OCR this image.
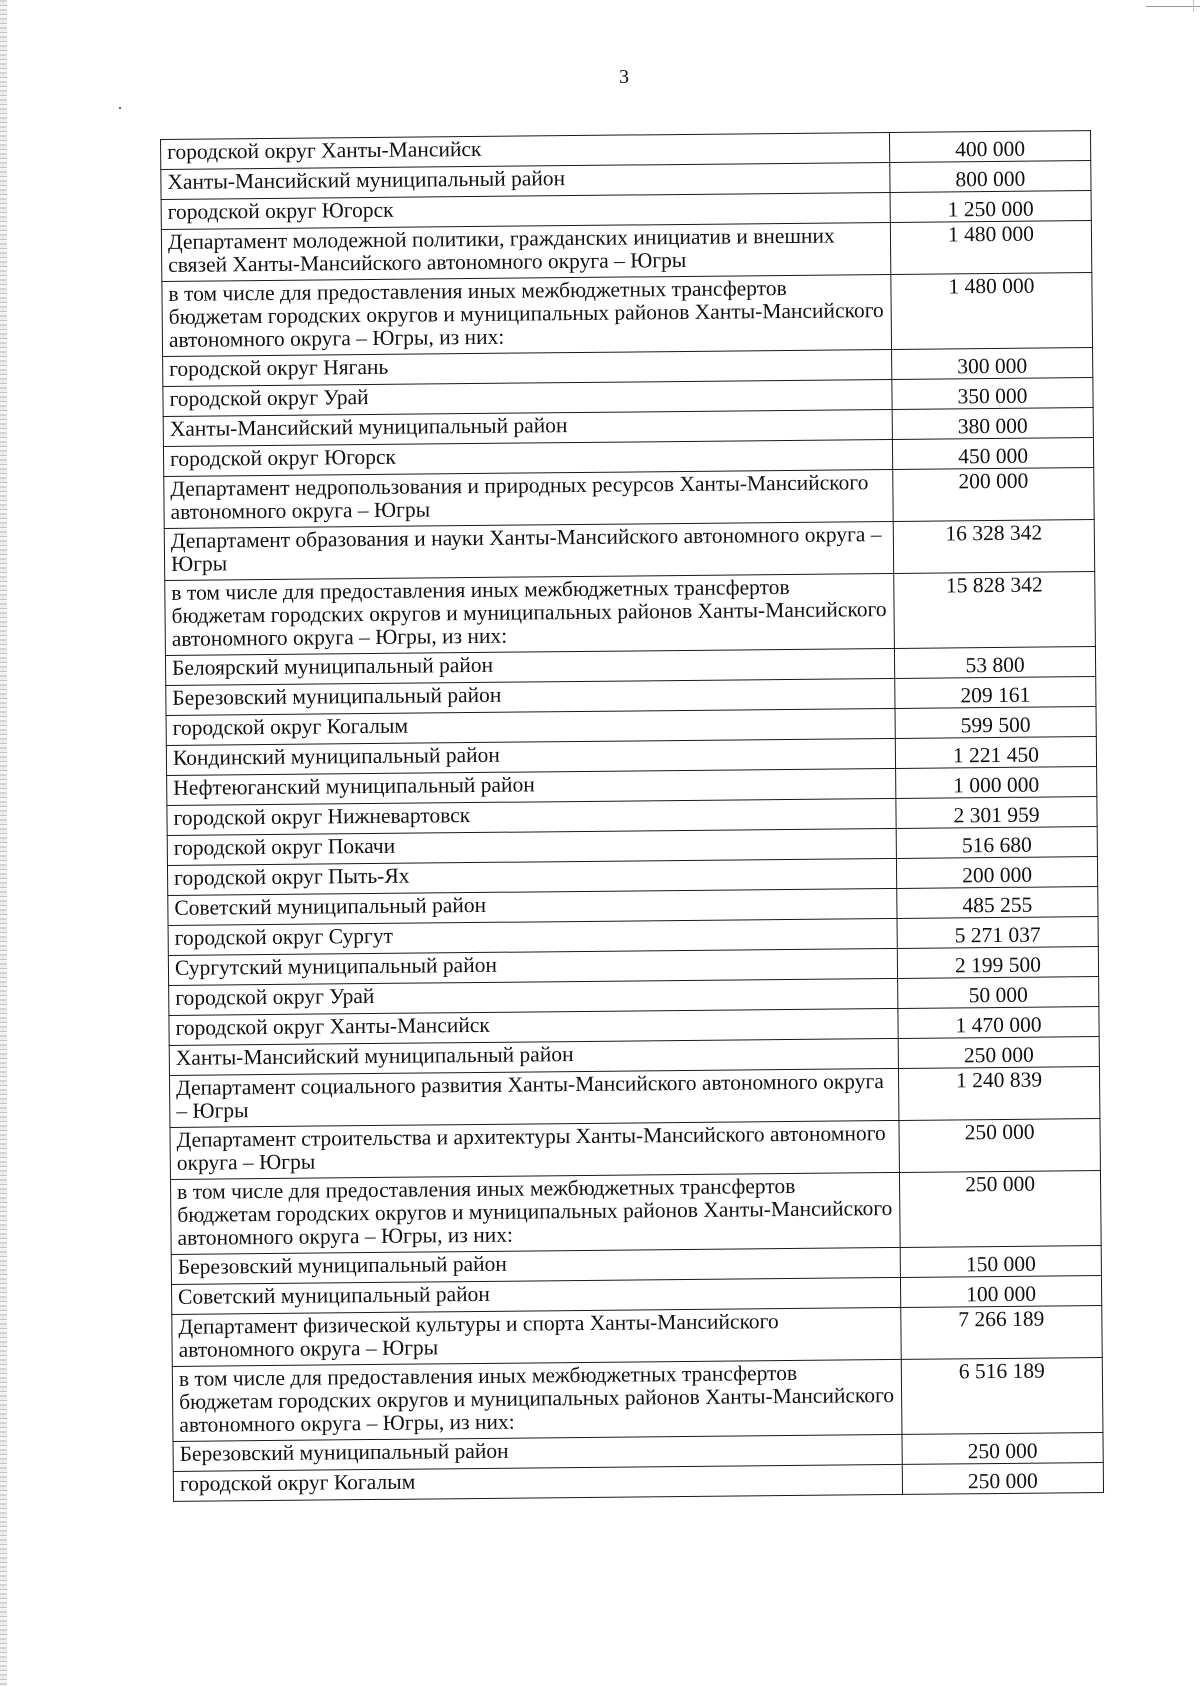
3
городской округ Ханты-Мансийск	400 000
Ханты-Мансийский муниципальный район	800 000
городской округ Югорск	1 250 000
Департамент молодежной политики, гражданских инициатив и внешних связей Ханты-Мансийского автономного округа – Югры	1 480 000
в том числе для предоставления иных межбюджетных трансфертов бюджетам городских округов и муниципальных районов Ханты-Мансийского автономного округа – Югры, из них:	1 480 000
городской округ Нягань	300 000
городской округ Урай	350 000
Ханты-Мансийский муниципальный район	380 000
городской округ Югорск	450 000
Департамент недропользования и природных ресурсов Ханты-Мансийского автономного округа – Югры	200 000
Департамент образования и науки Ханты-Мансийского автономного округа – Югры	16 328 342
в том числе для предоставления иных межбюджетных трансфертов бюджетам городских округов и муниципальных районов Ханты-Мансийского автономного округа – Югры, из них:	15 828 342
Белоярский муниципальный район	53 800
Березовский муниципальный район	209 161
городской округ Когалым	599 500
Кондинский муниципальный район	1 221 450
Нефтеюганский муниципальный район	1 000 000
городской округ Нижневартовск	2 301 959
городской округ Покачи	516 680
городской округ Пыть-Ях	200 000
Советский муниципальный район	485 255
городской округ Сургут	5 271 037
Сургутский муниципальный район	2 199 500
городской округ Урай	50 000
городской округ Ханты-Мансийск	1 470 000
Ханты-Мансийский муниципальный район	250 000
Департамент социального развития Ханты-Мансийского автономного округа – Югры	1 240 839
Департамент строительства и архитектуры Ханты-Мансийского автономного округа – Югры	250 000
в том числе для предоставления иных межбюджетных трансфертов бюджетам городских округов и муниципальных районов Ханты-Мансийского автономного округа – Югры, из них:	250 000
Березовский муниципальный район	150 000
Советский муниципальный район	100 000
Департамент физической культуры и спорта Ханты-Мансийского автономного округа – Югры	7 266 189
в том числе для предоставления иных межбюджетных трансфертов бюджетам городских округов и муниципальных районов Ханты-Мансийского автономного округа – Югры, из них:	6 516 189
Березовский муниципальный район	250 000
городской округ Когалым	250 000
